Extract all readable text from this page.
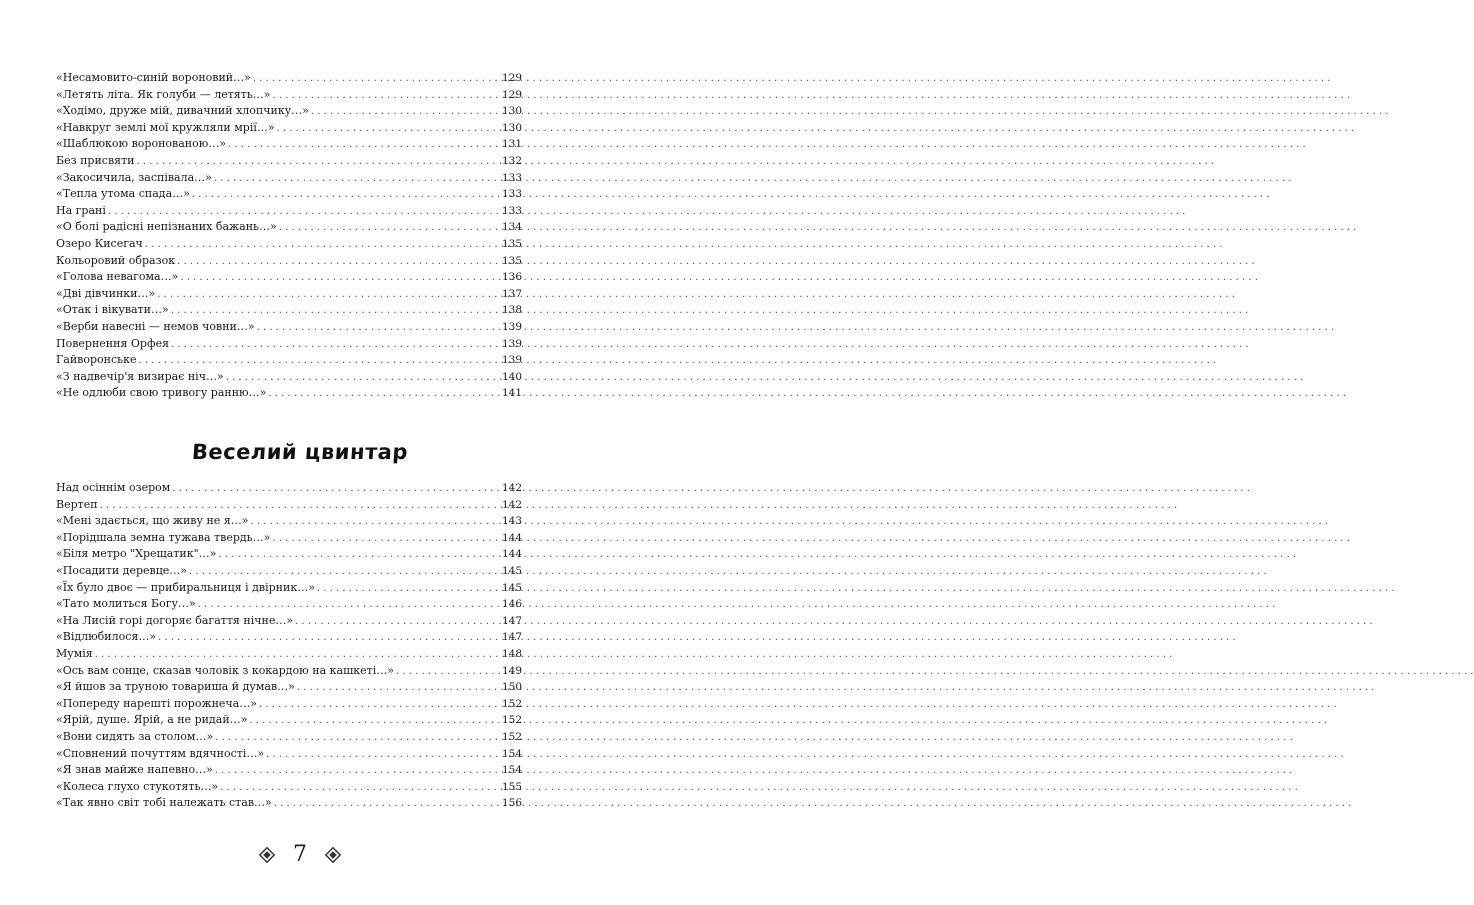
«Несамовито-синій вороновий…» . . .	129
«Летять літа. Як голуби — летять…» . . .	129
«Ходімо, друже мій, дивачний хлопчику…» . . .	130
«Навкруг землі мої кружляли мрії…» . . .	130
«Шаблюкою воронованою…» . . .	131
Без присвяти . . .	132
«Закосичила, заспівала…» . . .	133
«Тепла утома спада…» . . .	133
На грані . . .	133
«О болі радісні непізнаних бажань…» . . .	134
Озеро Кисегач . . .	135
Кольоровий образок . . .	135
«Голова невагома…» . . .	136
«Дві дівчинки…» . . .	137
«Отак і вікувати…» . . .	138
«Верби навесні — немов човни…» . . .	139
Повернення Орфея . . .	139
Гайворонське . . .	139
«З надвечір'я визирає ніч…» . . .	140
«Не одлюби свою тривогу ранню…» . . .	141
Веселий цвинтар
Над осіннім озером . . .	142
Вертеп . . .	142
«Мені здається, що живу не я…» . . .	143
«Порідшала земна тужава твердь…» . . .	144
«Біля метро "Хрещатик"…» . . .	144
«Посадити деревце…» . . .	145
«Їх було двоє — прибиральниця і двірник…» . . .	145
«Тато молиться Богу…» . . .	146
«На Лисій горі догоряє багаття нічне…» . . .	147
«Відлюбилося…» . . .	147
Мумія . . .	148
«Ось вам сонце, сказав чоловік з кокардою на кашкеті…» . . .	149
«Я йшов за труною товариша й думав…» . . .	150
«Попереду нарешті порожнеча…» . . .	152
«Ярій, душе. Ярій, а не ридай…» . . .	152
«Вони сидять за столом…» . . .	152
«Сповнений почуттям вдячності…» . . .	154
«Я знав майже напевно…» . . .	154
«Колеса глухо стукотять…» . . .	155
«Так явно світ тобі належать став…» . . .	156
7
